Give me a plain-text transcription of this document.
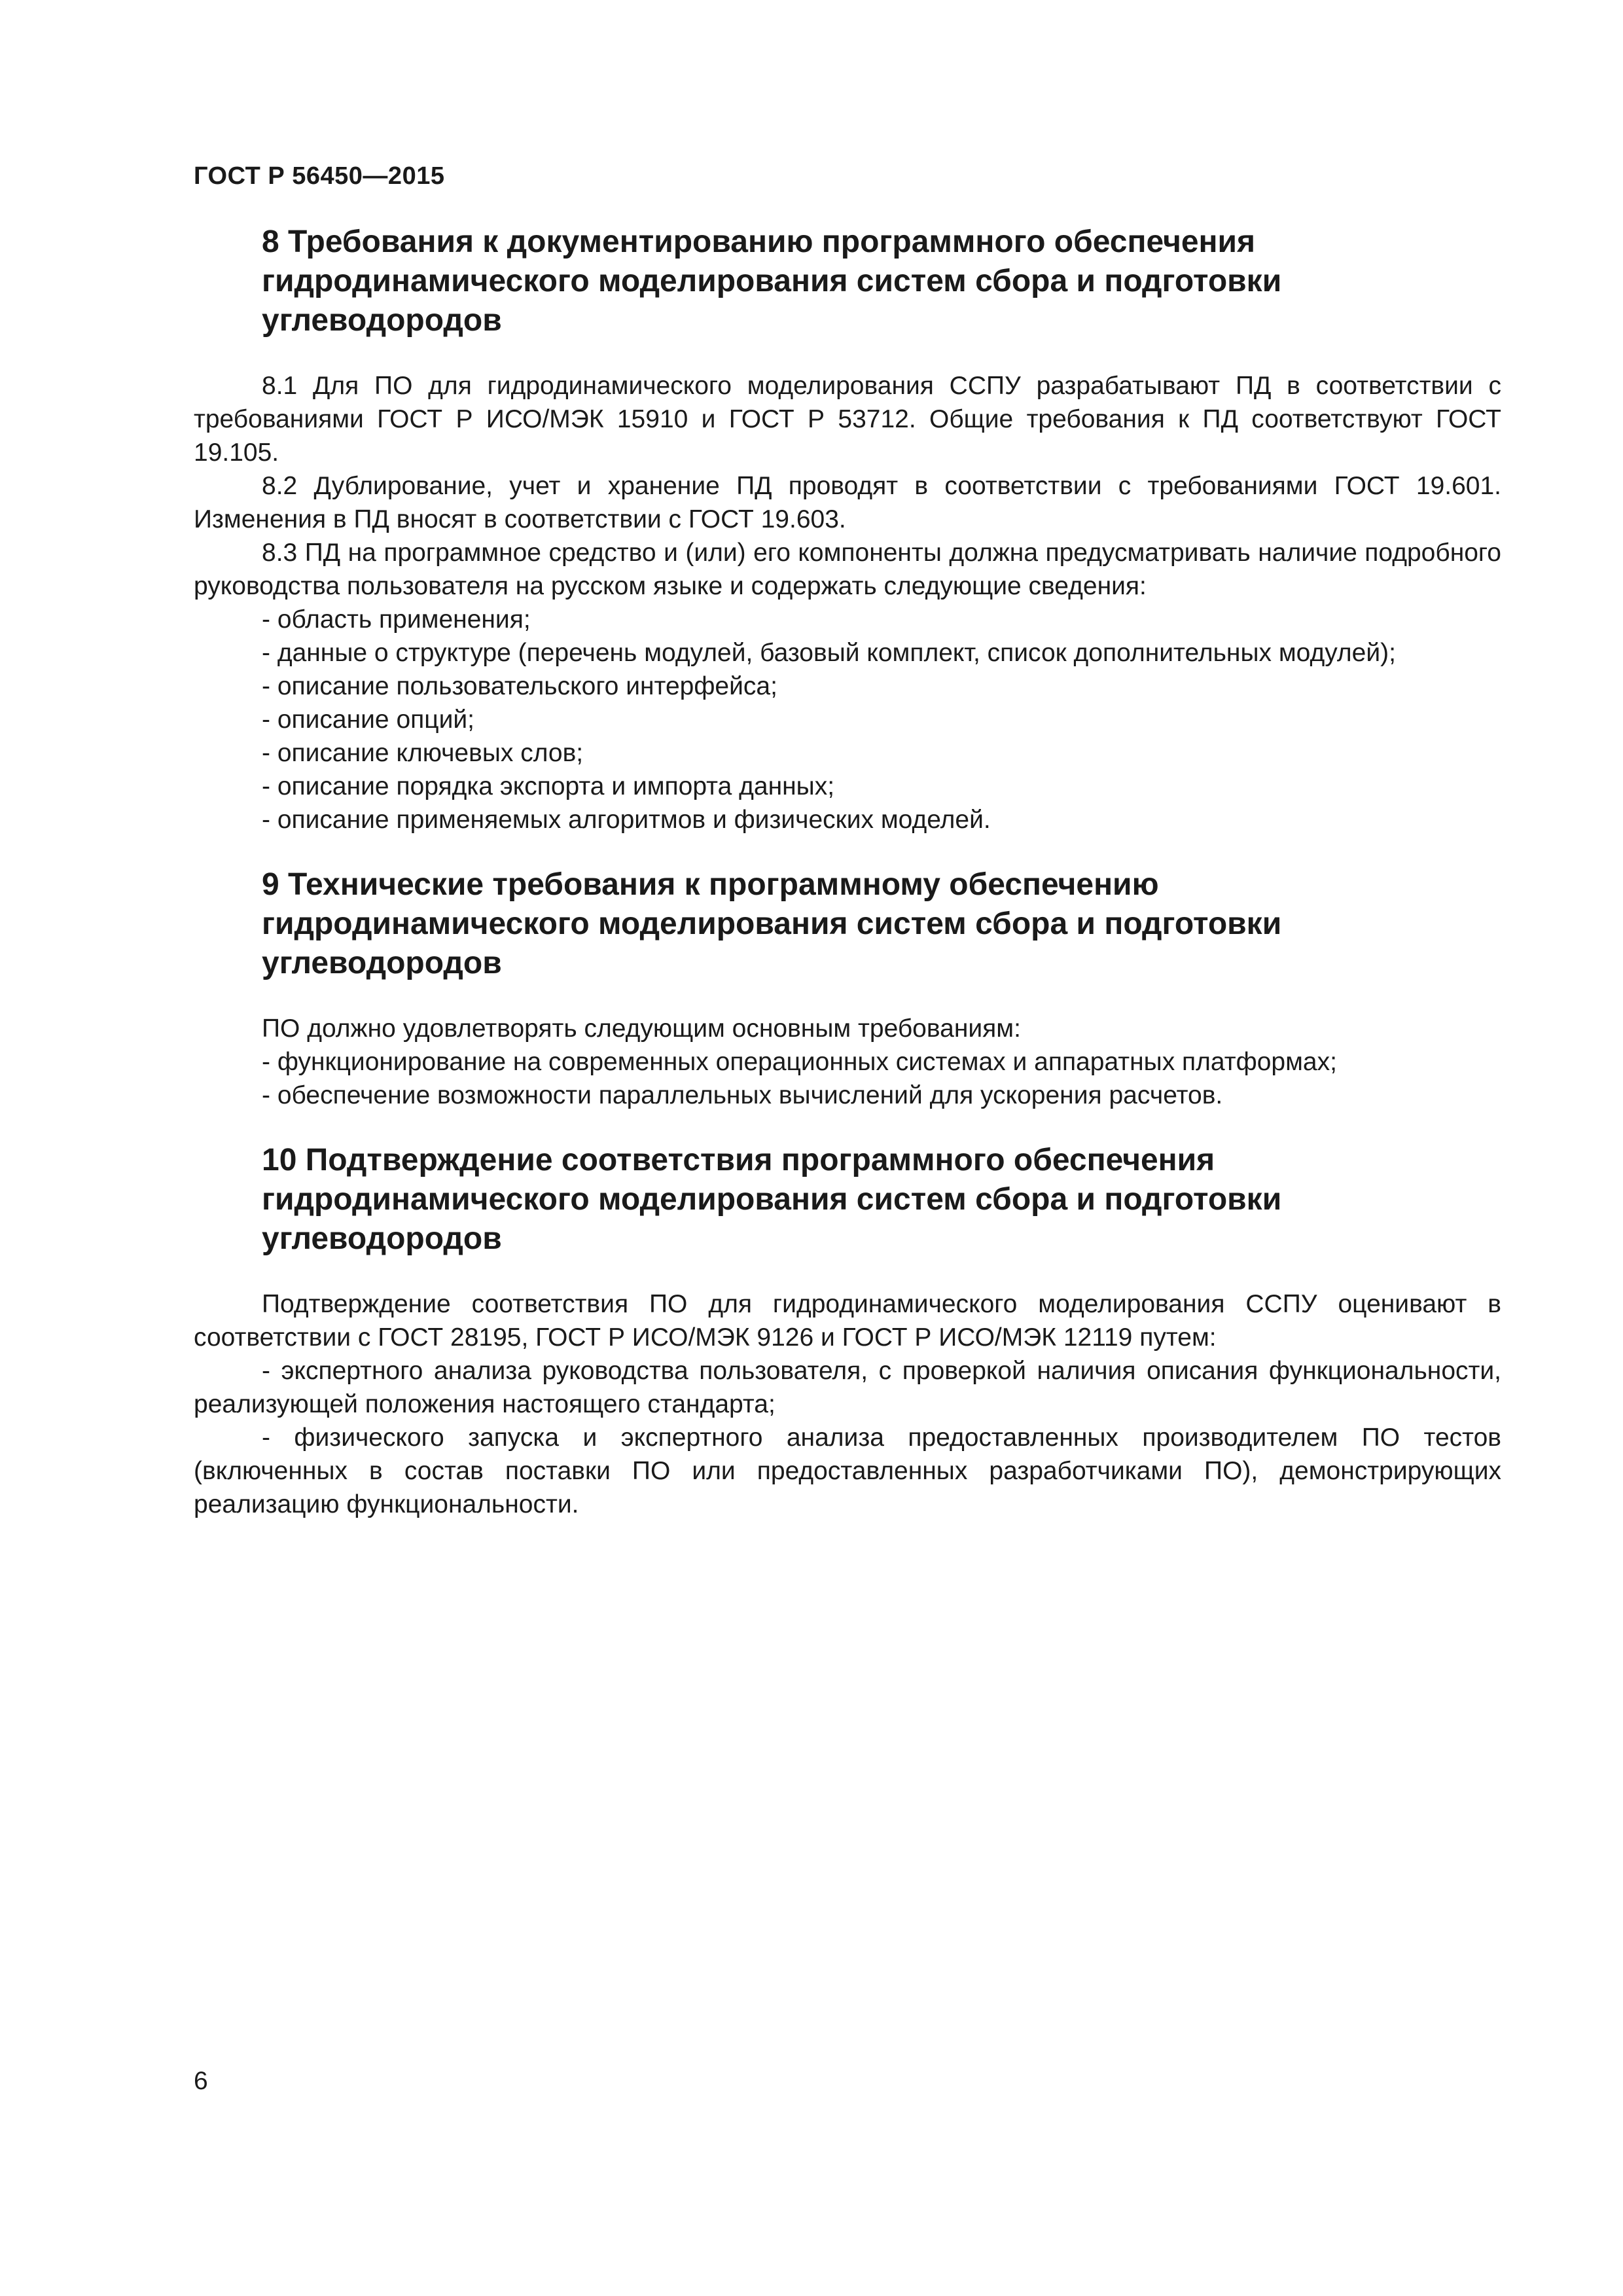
ГОСТ Р 56450—2015
8 Требования к документированию программного обеспечения
гидродинамического моделирования систем сбора и подготовки
углеводородов

8.1 Для ПО для гидродинамического моделирования ССПУ разрабатывают ПД в соответствии с требованиями ГОСТ Р ИСО/МЭК 15910 и ГОСТ Р 53712. Общие требования к ПД соответствуют ГОСТ 19.105.

8.2 Дублирование, учет и хранение ПД проводят в соответствии с требованиями ГОСТ 19.601. Изменения в ПД вносят в соответствии с ГОСТ 19.603.

8.3 ПД на программное средство и (или) его компоненты должна предусматривать наличие подробного руководства пользователя на русском языке и содержать следующие сведения:

- область применения;

- данные о структуре (перечень модулей, базовый комплект, список дополнительных модулей);

- описание пользовательского интерфейса;

- описание опций;

- описание ключевых слов;

- описание порядка экспорта и импорта данных;

- описание применяемых алгоритмов и физических моделей.

9 Технические требования к программному обеспечению
гидродинамического моделирования систем сбора и подготовки
углеводородов

ПО должно удовлетворять следующим основным требованиям:

- функционирование на современных операционных системах и аппаратных платформах;

- обеспечение возможности параллельных вычислений для ускорения расчетов.

10 Подтверждение соответствия программного обеспечения
гидродинамического моделирования систем сбора и подготовки
углеводородов

Подтверждение соответствия ПО для гидродинамического моделирования ССПУ оценивают в соответствии с ГОСТ 28195, ГОСТ Р ИСО/МЭК 9126 и ГОСТ Р ИСО/МЭК 12119 путем:

- экспертного анализа руководства пользователя, с проверкой наличия описания функциональности, реализующей положения настоящего стандарта;

- физического запуска и экспертного анализа предоставленных производителем ПО тестов (включенных в состав поставки ПО или предоставленных разработчиками ПО), демонстрирующих реализацию функциональности.

6
